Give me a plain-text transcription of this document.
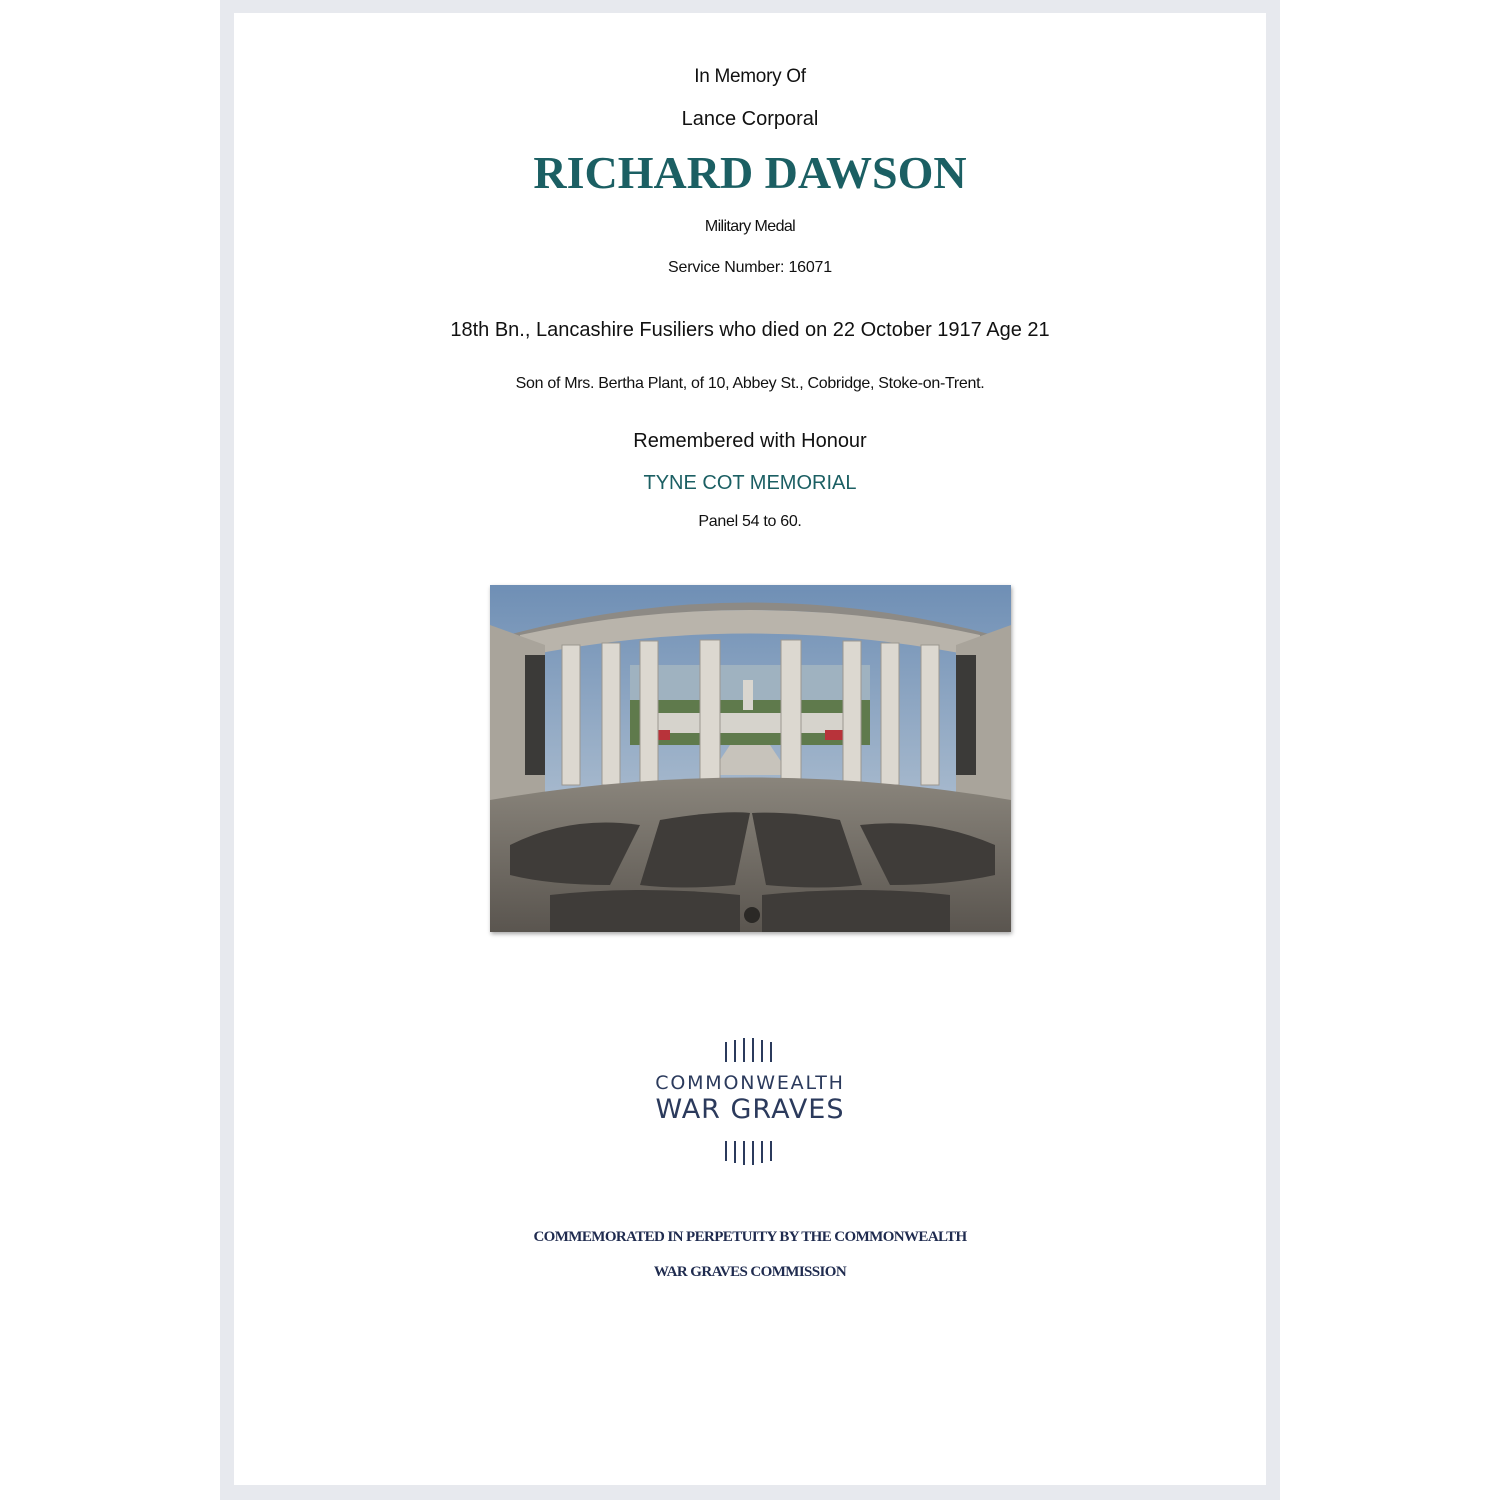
In Memory Of
Lance Corporal
RICHARD DAWSON
Military Medal
Service Number: 16071
18th Bn., Lancashire Fusiliers who died on 22 October 1917 Age 21
Son of Mrs. Bertha Plant, of 10, Abbey St., Cobridge, Stoke-on-Trent.
Remembered with Honour
TYNE COT MEMORIAL
Panel 54 to 60.
COMMONWEALTH
WAR GRAVES
COMMEMORATED IN PERPETUITY BY THE COMMONWEALTH
WAR GRAVES COMMISSION
